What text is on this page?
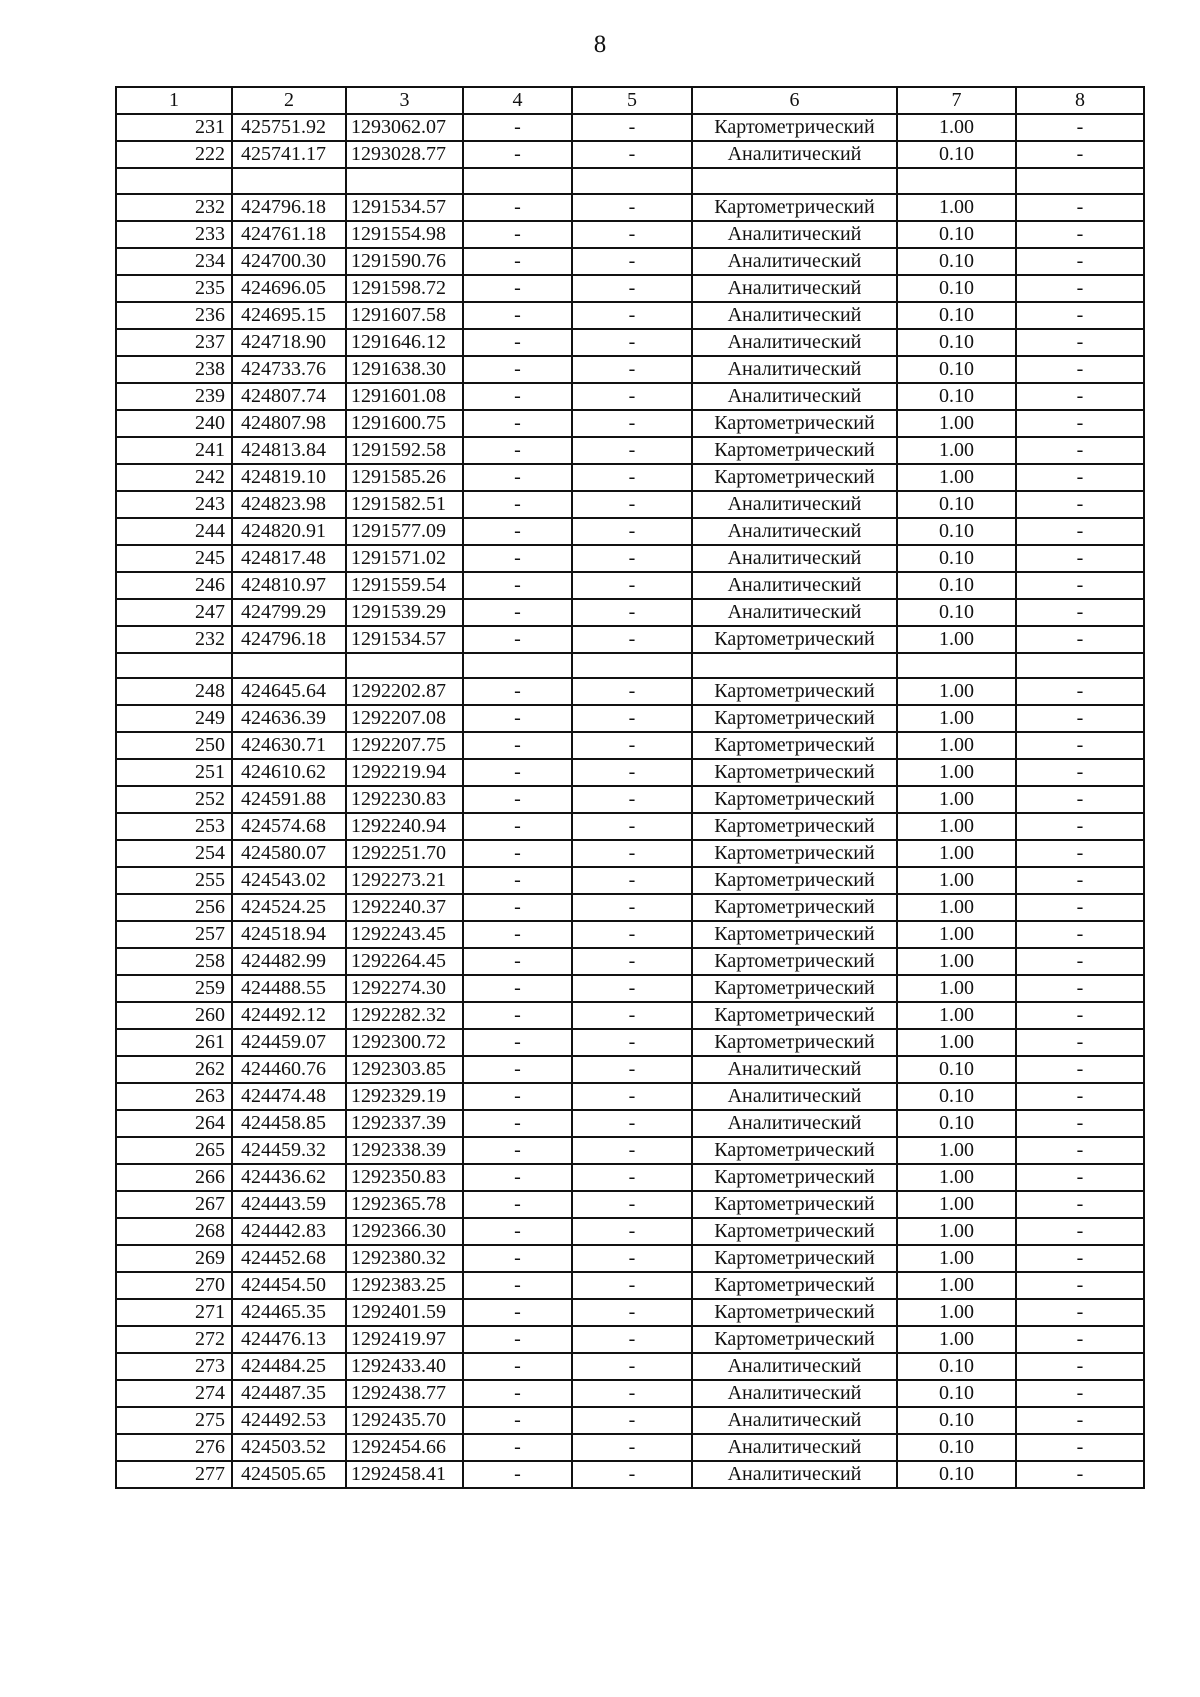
8
1	2	3	4	5	6	7	8
231	425751.92	1293062.07	-	-	Картометрический	1.00	-
222	425741.17	1293028.77	-	-	Аналитический	0.10	-

232	424796.18	1291534.57	-	-	Картометрический	1.00	-
233	424761.18	1291554.98	-	-	Аналитический	0.10	-
234	424700.30	1291590.76	-	-	Аналитический	0.10	-
235	424696.05	1291598.72	-	-	Аналитический	0.10	-
236	424695.15	1291607.58	-	-	Аналитический	0.10	-
237	424718.90	1291646.12	-	-	Аналитический	0.10	-
238	424733.76	1291638.30	-	-	Аналитический	0.10	-
239	424807.74	1291601.08	-	-	Аналитический	0.10	-
240	424807.98	1291600.75	-	-	Картометрический	1.00	-
241	424813.84	1291592.58	-	-	Картометрический	1.00	-
242	424819.10	1291585.26	-	-	Картометрический	1.00	-
243	424823.98	1291582.51	-	-	Аналитический	0.10	-
244	424820.91	1291577.09	-	-	Аналитический	0.10	-
245	424817.48	1291571.02	-	-	Аналитический	0.10	-
246	424810.97	1291559.54	-	-	Аналитический	0.10	-
247	424799.29	1291539.29	-	-	Аналитический	0.10	-
232	424796.18	1291534.57	-	-	Картометрический	1.00	-

248	424645.64	1292202.87	-	-	Картометрический	1.00	-
249	424636.39	1292207.08	-	-	Картометрический	1.00	-
250	424630.71	1292207.75	-	-	Картометрический	1.00	-
251	424610.62	1292219.94	-	-	Картометрический	1.00	-
252	424591.88	1292230.83	-	-	Картометрический	1.00	-
253	424574.68	1292240.94	-	-	Картометрический	1.00	-
254	424580.07	1292251.70	-	-	Картометрический	1.00	-
255	424543.02	1292273.21	-	-	Картометрический	1.00	-
256	424524.25	1292240.37	-	-	Картометрический	1.00	-
257	424518.94	1292243.45	-	-	Картометрический	1.00	-
258	424482.99	1292264.45	-	-	Картометрический	1.00	-
259	424488.55	1292274.30	-	-	Картометрический	1.00	-
260	424492.12	1292282.32	-	-	Картометрический	1.00	-
261	424459.07	1292300.72	-	-	Картометрический	1.00	-
262	424460.76	1292303.85	-	-	Аналитический	0.10	-
263	424474.48	1292329.19	-	-	Аналитический	0.10	-
264	424458.85	1292337.39	-	-	Аналитический	0.10	-
265	424459.32	1292338.39	-	-	Картометрический	1.00	-
266	424436.62	1292350.83	-	-	Картометрический	1.00	-
267	424443.59	1292365.78	-	-	Картометрический	1.00	-
268	424442.83	1292366.30	-	-	Картометрический	1.00	-
269	424452.68	1292380.32	-	-	Картометрический	1.00	-
270	424454.50	1292383.25	-	-	Картометрический	1.00	-
271	424465.35	1292401.59	-	-	Картометрический	1.00	-
272	424476.13	1292419.97	-	-	Картометрический	1.00	-
273	424484.25	1292433.40	-	-	Аналитический	0.10	-
274	424487.35	1292438.77	-	-	Аналитический	0.10	-
275	424492.53	1292435.70	-	-	Аналитический	0.10	-
276	424503.52	1292454.66	-	-	Аналитический	0.10	-
277	424505.65	1292458.41	-	-	Аналитический	0.10	-
